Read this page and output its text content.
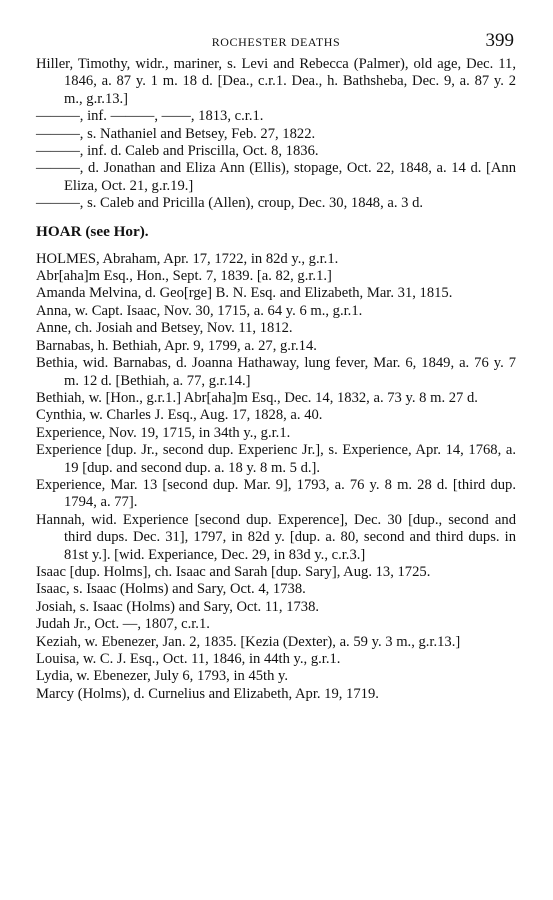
ROCHESTER DEATHS	399

Hiller, Timothy, widr., mariner, s. Levi and Rebecca (Palmer), old age, Dec. 11, 1846, a. 87 y. 1 m. 18 d. [Dea., c.r.1. Dea., h. Bathsheba, Dec. 9, a. 87 y. 2 m., g.r.13.]

———, inf. ———, ——, 1813, c.r.1.

———, s. Nathaniel and Betsey, Feb. 27, 1822.

———, inf. d. Caleb and Priscilla, Oct. 8, 1836.

———, d. Jonathan and Eliza Ann (Ellis), stopage, Oct. 22, 1848, a. 14 d. [Ann Eliza, Oct. 21, g.r.19.]

———, s. Caleb and Pricilla (Allen), croup, Dec. 30, 1848, a. 3 d.

HOAR (see Hor).

HOLMES, Abraham, Apr. 17, 1722, in 82d y., g.r.1.

Abr[aha]m Esq., Hon., Sept. 7, 1839. [a. 82, g.r.1.]

Amanda Melvina, d. Geo[rge] B. N. Esq. and Elizabeth, Mar. 31, 1815.

Anna, w. Capt. Isaac, Nov. 30, 1715, a. 64 y. 6 m., g.r.1.

Anne, ch. Josiah and Betsey, Nov. 11, 1812.

Barnabas, h. Bethiah, Apr. 9, 1799, a. 27, g.r.14.

Bethia, wid. Barnabas, d. Joanna Hathaway, lung fever, Mar. 6, 1849, a. 76 y. 7 m. 12 d. [Bethiah, a. 77, g.r.14.]

Bethiah, w. [Hon., g.r.1.] Abr[aha]m Esq., Dec. 14, 1832, a. 73 y. 8 m. 27 d.

Cynthia, w. Charles J. Esq., Aug. 17, 1828, a. 40.

Experience, Nov. 19, 1715, in 34th y., g.r.1.

Experience [dup. Jr., second dup. Experienc Jr.], s. Experience, Apr. 14, 1768, a. 19 [dup. and second dup. a. 18 y. 8 m. 5 d.].

Experience, Mar. 13 [second dup. Mar. 9], 1793, a. 76 y. 8 m. 28 d. [third dup. 1794, a. 77].

Hannah, wid. Experience [second dup. Experence], Dec. 30 [dup., second and third dups. Dec. 31], 1797, in 82d y. [dup. a. 80, second and third dups. in 81st y.]. [wid. Experiance, Dec. 29, in 83d y., c.r.3.]

Isaac [dup. Holms], ch. Isaac and Sarah [dup. Sary], Aug. 13, 1725.

Isaac, s. Isaac (Holms) and Sary, Oct. 4, 1738.

Josiah, s. Isaac (Holms) and Sary, Oct. 11, 1738.

Judah Jr., Oct. —, 1807, c.r.1.

Keziah, w. Ebenezer, Jan. 2, 1835. [Kezia (Dexter), a. 59 y. 3 m., g.r.13.]

Louisa, w. C. J. Esq., Oct. 11, 1846, in 44th y., g.r.1.

Lydia, w. Ebenezer, July 6, 1793, in 45th y.

Marcy (Holms), d. Curnelius and Elizabeth, Apr. 19, 1719.
